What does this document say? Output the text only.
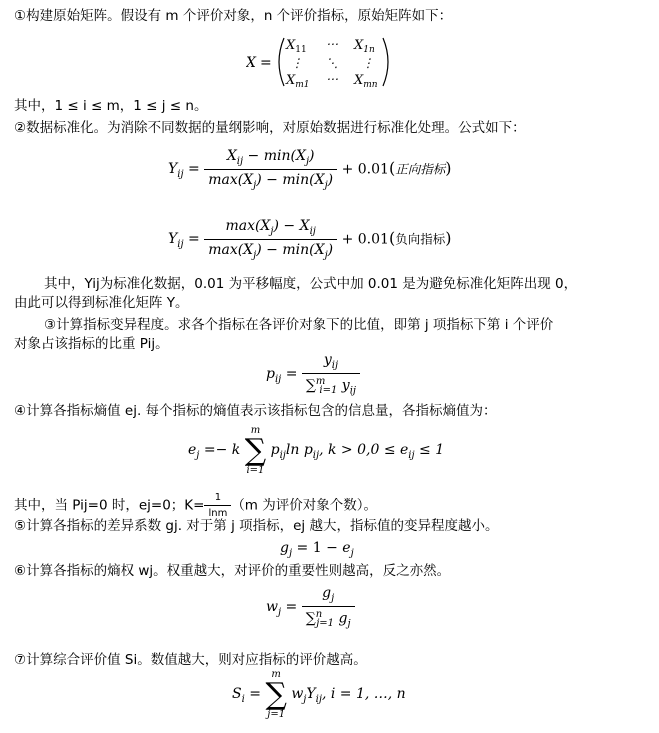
①构建原始矩阵。假设有 m 个评价对象，n 个评价指标，原始矩阵如下：
X =
$X_{11}$ ⋯ $X_{1n}$
⋮ ⋱ ⋮
$X_{m1}$ ⋯ $X_{mn}$
其中，1 ≤ i ≤ m，1 ≤ j ≤ n。
②数据标准化。为消除不同数据的量纲影响，对原始数据进行标准化处理。公式如下：
$Y_{ij} = \frac{X_{ij} - \min(X_j)}{\max(X_j) - \min(X_j)} + 0.01$(正向指标)
$Y_{ij} = \frac{\max(X_j) - X_{ij}}{\max(X_j) - \min(X_j)} + 0.01$(负向指标)
其中，Yij为标准化数据，0.01 为平移幅度，公式中加 0.01 是为避免标准化矩阵出现 0，
由此可以得到标准化矩阵 Y。
③计算指标变异程度。求各个指标在各评价对象下的比值，即第 j 项指标下第 i 个评价
对象占该指标的比重 Pij。
$p_{ij} = \frac{y_{ij}}{\sum^m_{i=1} y_{ij}}$
④计算各指标熵值 ej. 每个指标的熵值表示该指标包含的信息量，各指标熵值为：
$e_j =- k$
m
∑
i=1
$p_{ij}\ln$ $p_{ij}$, $k > 0,0 \le e_{ij} \le 1$
其中，当 Pij=0 时，ej=0；$K= \frac{1}{\ln m} (m$ 为评价对象个数）。
⑤计算各指标的差异系数 gj. 对于第 j 项指标，ej 越大，指标值的变异程度越小。
$g_j = 1 - e_j$
⑥计算各指标的熵权 wj。权重越大，对评价的重要性则越高，反之亦然。
$w_j = \frac{g_j}{\sum^n_{j=1} g_j}$
⑦计算综合评价值 Si。数值越大，则对应指标的评价越高。
$S_i$ =
m
∑
j=1
$w_jY_{ij}$, i = 1, …, n
